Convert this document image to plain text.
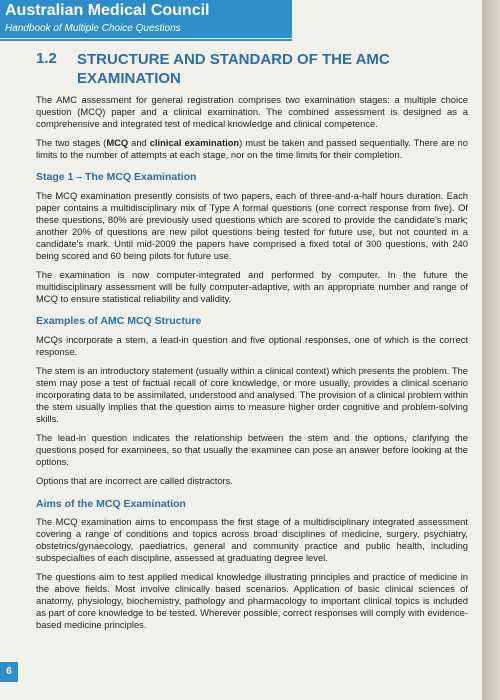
Australian Medical Council
Handbook of Multiple Choice Questions
1.2 STRUCTURE AND STANDARD OF THE AMC EXAMINATION

The AMC assessment for general registration comprises two examination stages: a multiple choice question (MCQ) paper and a clinical examination. The combined assessment is designed as a comprehensive and integrated test of medical knowledge and clinical competence.

The two stages (MCQ and clinical examination) must be taken and passed sequentially. There are no limits to the number of attempts at each stage, nor on the time limits for their completion.

Stage 1 – The MCQ Examination

The MCQ examination presently consists of two papers, each of three-and-a-half hours duration. Each paper contains a multidisciplinary mix of Type A formal questions (one correct response from five). Of these questions, 80% are previously used questions which are scored to provide the candidate's mark; another 20% of questions are new pilot questions being tested for future use, but not counted in a candidate's mark. Until mid-2009 the papers have comprised a fixed total of 300 questions, with 240 being scored and 60 being pilots for future use.

The examination is now computer-integrated and performed by computer. In the future the multidisciplinary assessment will be fully computer-adaptive, with an appropriate number and range of MCQ to ensure statistical reliability and validity.

Examples of AMC MCQ Structure

MCQs incorporate a stem, a lead-in question and five optional responses, one of which is the correct response.

The stem is an introductory statement (usually within a clinical context) which presents the problem. The stem may pose a test of factual recall of core knowledge, or more usually, provides a clinical scenario incorporating data to be assimilated, understood and analysed. The provision of a clinical problem within the stem usually implies that the question aims to measure higher order cognitive and problem-solving skills.

The lead-in question indicates the relationship between the stem and the options, clarifying the questions posed for examinees, so that usually the examinee can pose an answer before looking at the options.

Options that are incorrect are called distractors.

Aims of the MCQ Examination

The MCQ examination aims to encompass the first stage of a multidisciplinary integrated assessment covering a range of conditions and topics across broad disciplines of medicine, surgery, psychiatry, obstetrics/gynaecology, paediatrics, general and community practice and public health, including subspecialties of each discipline, assessed at graduating degree level.

The questions aim to test applied medical knowledge illustrating principles and practice of medicine in the above fields. Most involve clinically based scenarios. Application of basic clinical sciences of anatomy, physiology, biochemistry, pathology and pharmacology to important clinical topics is included as part of core knowledge to be tested. Wherever possible, correct responses will comply with evidence-based medicine principles.

6
